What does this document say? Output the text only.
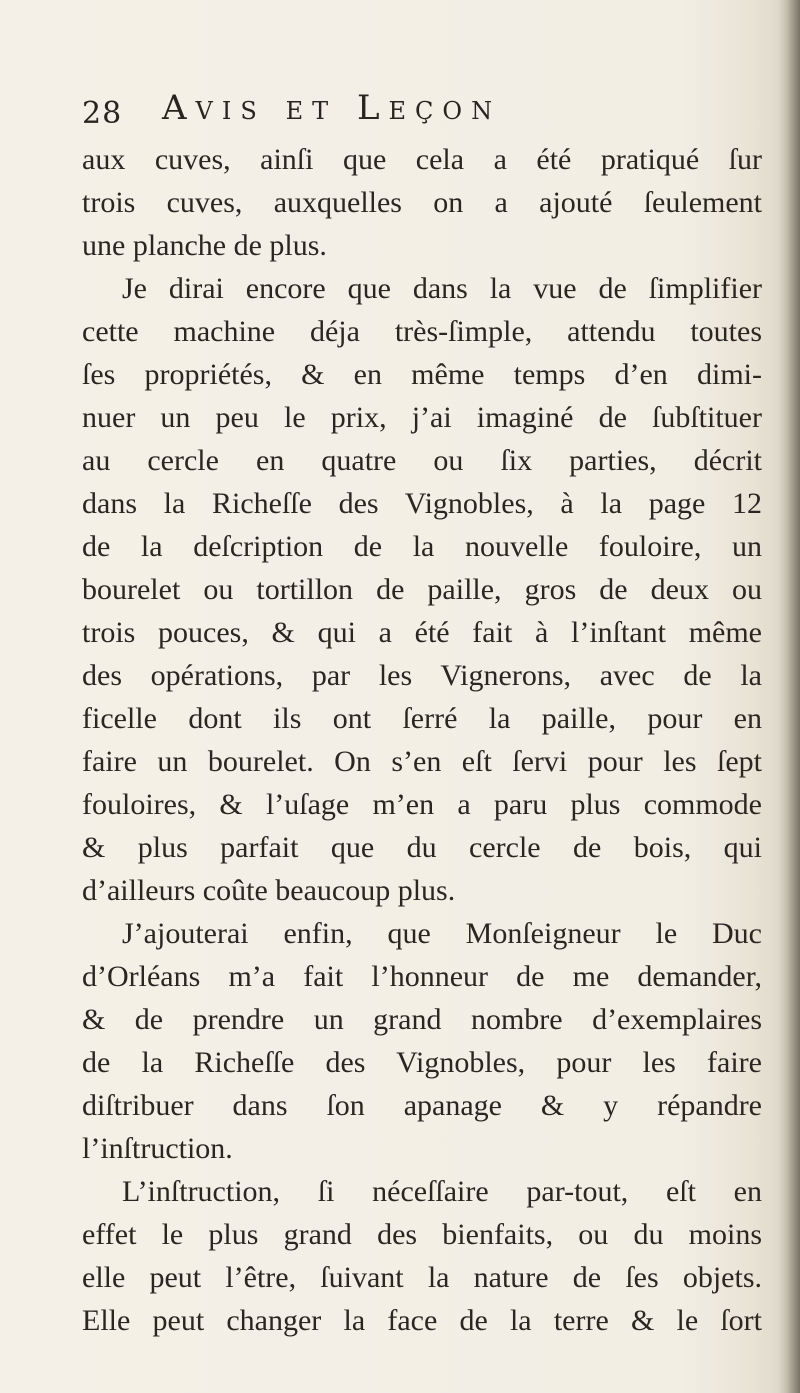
28 Avis et Leçon
aux cuves, ainſi que cela a été pratiqué ſur
trois cuves, auxquelles on a ajouté ſeulement
une planche de plus.
Je dirai encore que dans la vue de ſimplifier
cette machine déja très-ſimple, attendu toutes
ſes propriétés, & en même temps d’en dimi-
nuer un peu le prix, j’ai imaginé de ſubſtituer
au cercle en quatre ou ſix parties, décrit
dans la Richeſſe des Vignobles, à la page 12
de la deſcription de la nouvelle fouloire, un
bourelet ou tortillon de paille, gros de deux ou
trois pouces, & qui a été fait à l’inſtant même
des opérations, par les Vignerons, avec de la
ficelle dont ils ont ſerré la paille, pour en
faire un bourelet. On s’en eſt ſervi pour les ſept
fouloires, & l’uſage m’en a paru plus commode
& plus parfait que du cercle de bois, qui
d’ailleurs coûte beaucoup plus.
J’ajouterai enfin, que Monſeigneur le Duc
d’Orléans m’a fait l’honneur de me demander,
& de prendre un grand nombre d’exemplaires
de la Richeſſe des Vignobles, pour les faire
diſtribuer dans ſon apanage & y répandre
l’inſtruction.
L’inſtruction, ſi néceſſaire par-tout, eſt en
effet le plus grand des bienfaits, ou du moins
elle peut l’être, ſuivant la nature de ſes objets.
Elle peut changer la face de la terre & le ſort
